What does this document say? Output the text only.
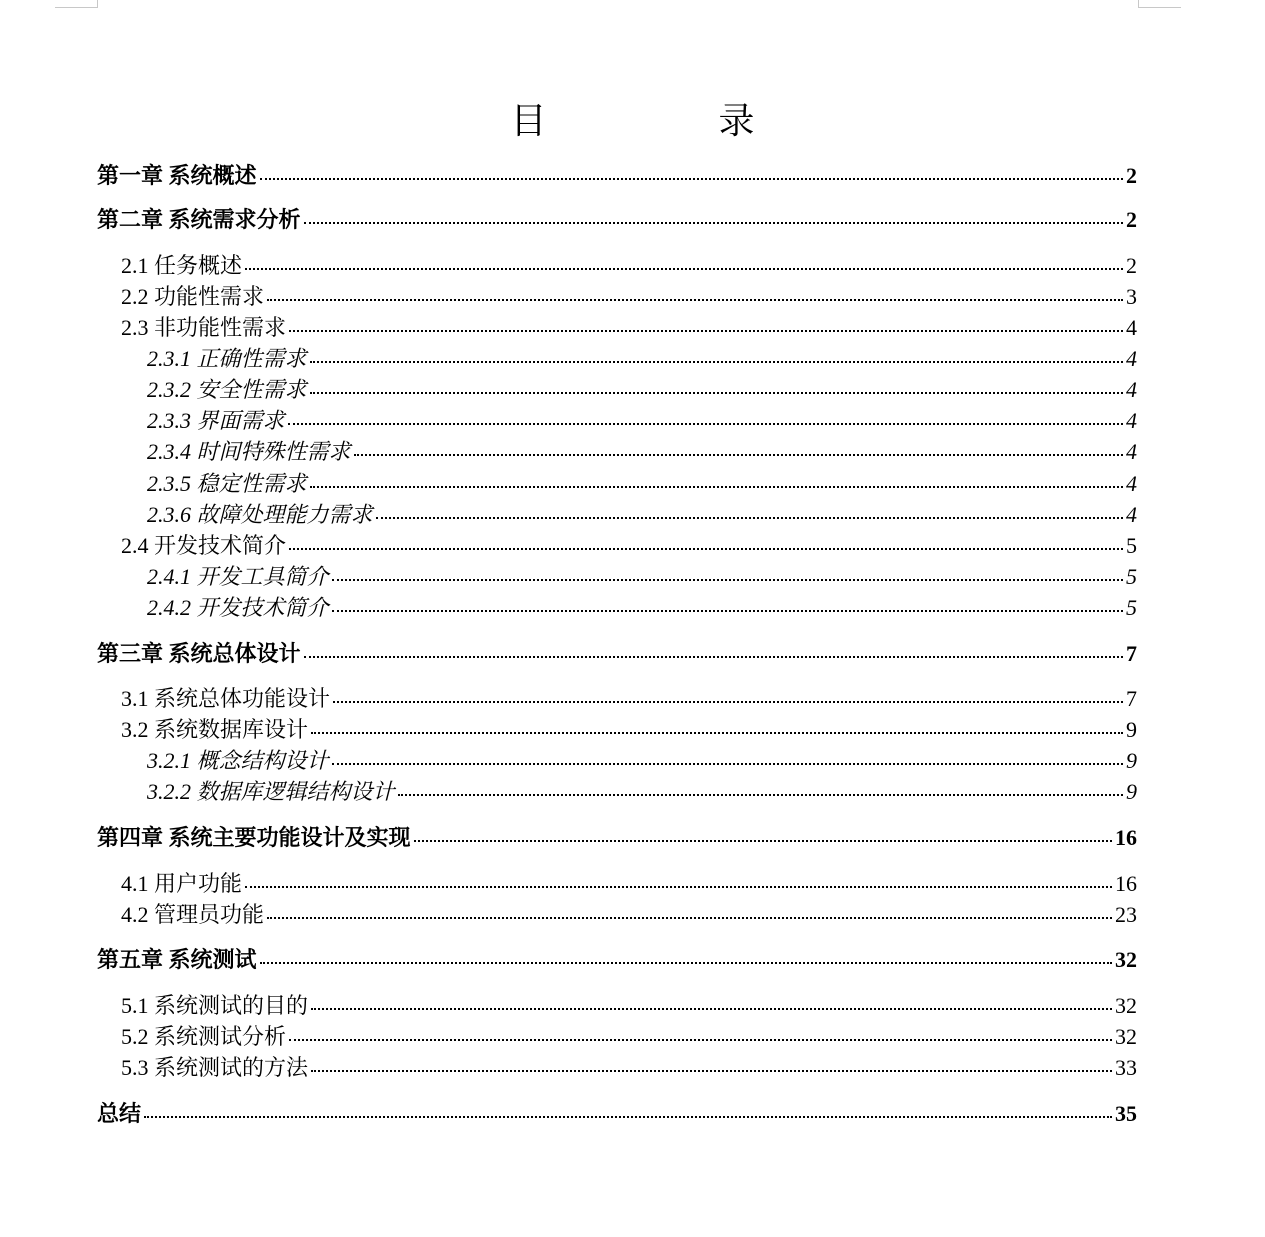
目　录
第一章 系统概述	2
第二章 系统需求分析	2
2.1 任务概述	2
2.2 功能性需求	3
2.3 非功能性需求	4
2.3.1 正确性需求	4
2.3.2 安全性需求	4
2.3.3 界面需求	4
2.3.4 时间特殊性需求	4
2.3.5 稳定性需求	4
2.3.6 故障处理能力需求	4
2.4 开发技术简介	5
2.4.1 开发工具简介	5
2.4.2 开发技术简介	5
第三章 系统总体设计	7
3.1 系统总体功能设计	7
3.2 系统数据库设计	9
3.2.1 概念结构设计	9
3.2.2 数据库逻辑结构设计	9
第四章 系统主要功能设计及实现	16
4.1 用户功能	16
4.2 管理员功能	23
第五章 系统测试	32
5.1 系统测试的目的	32
5.2 系统测试分析	32
5.3 系统测试的方法	33
总结	35
